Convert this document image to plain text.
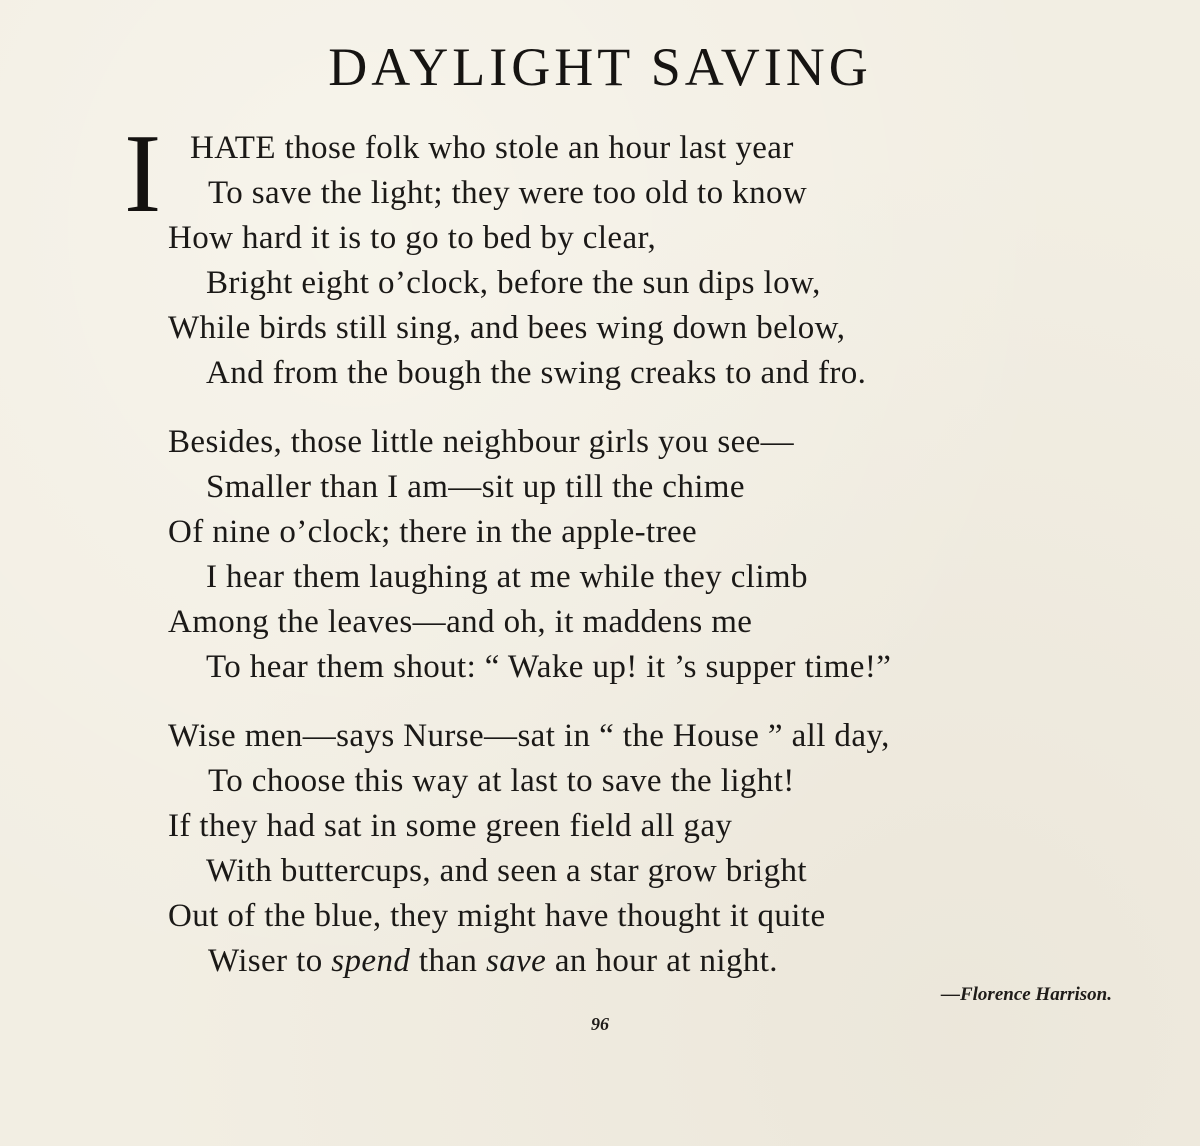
DAYLIGHT SAVING
I HATE those folk who stole an hour last year
To save the light; they were too old to know
How hard it is to go to bed by clear,
Bright eight o’clock, before the sun dips low,
While birds still sing, and bees wing down below,
And from the bough the swing creaks to and fro.
Besides, those little neighbour girls you see—
Smaller than I am—sit up till the chime
Of nine o’clock; there in the apple-tree
I hear them laughing at me while they climb
Among the leaves—and oh, it maddens me
To hear them shout: “ Wake up! it ’s supper time!”
Wise men—says Nurse—sat in “ the House ” all day,
To choose this way at last to save the light!
If they had sat in some green field all gay
With buttercups, and seen a star grow bright
Out of the blue, they might have thought it quite
Wiser to spend than save an hour at night.
—Florence Harrison.
96
